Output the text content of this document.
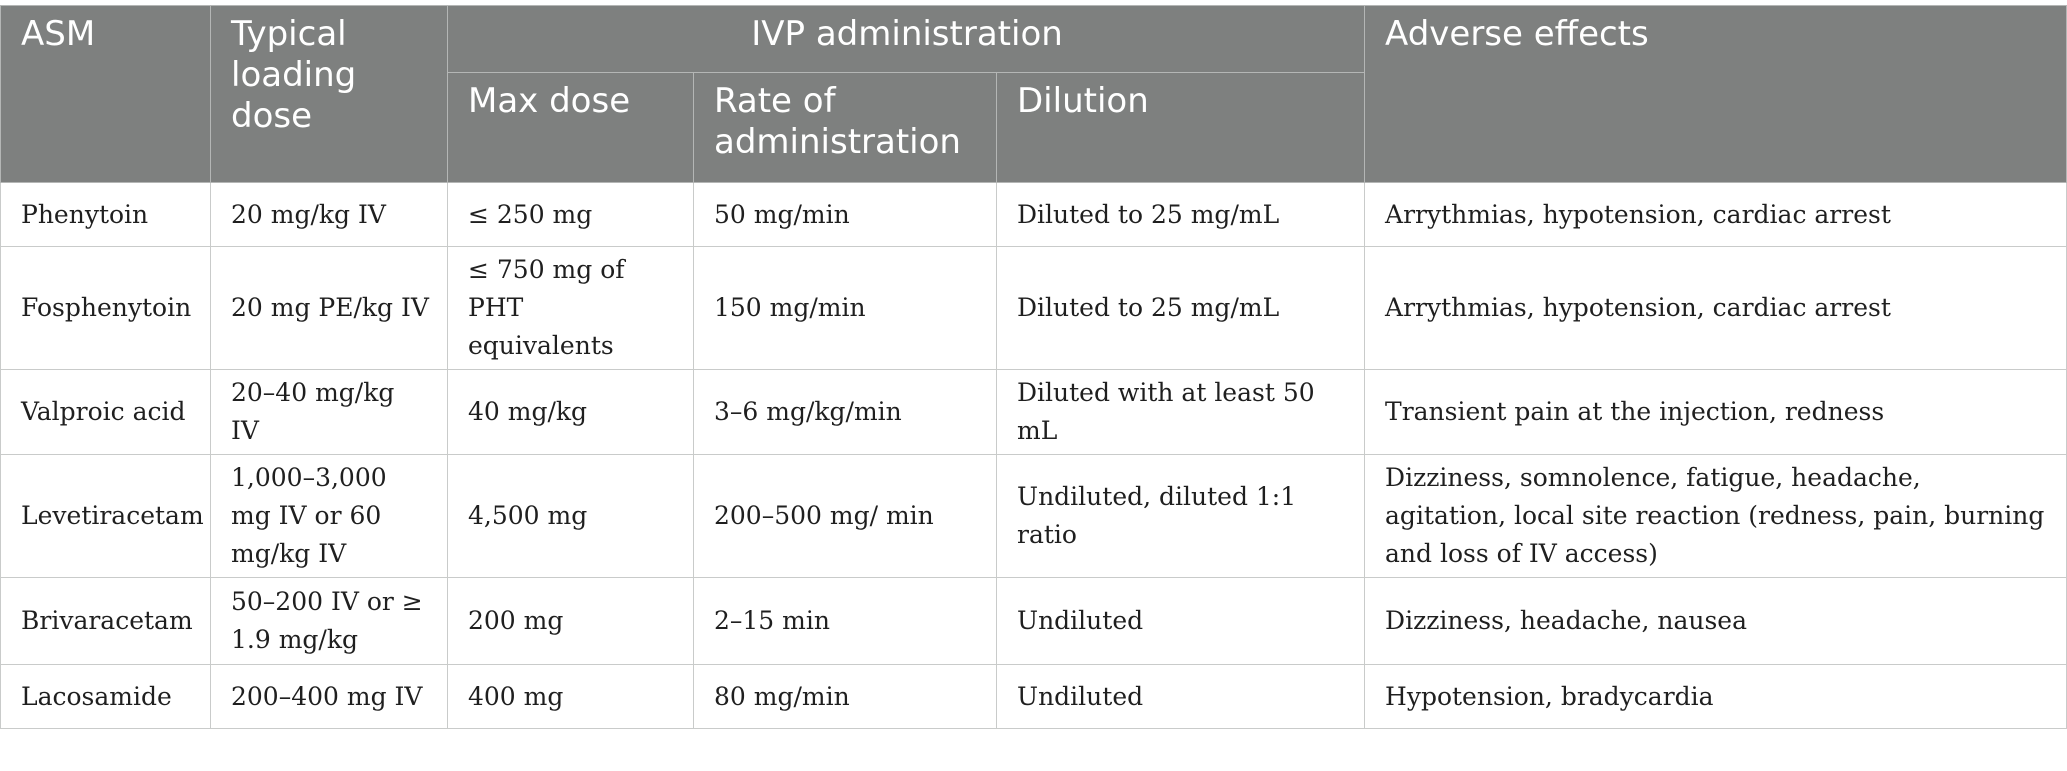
ASM	Typical loading dose	IVP administration			Adverse effects
		Max dose	Rate of administration	Dilution	
Phenytoin	20 mg/kg IV	≤ 250 mg	50 mg/min	Diluted to 25 mg/mL	Arrythmias, hypotension, cardiac arrest
Fosphenytoin	20 mg PE/kg IV	≤ 750 mg of PHT equivalents	150 mg/min	Diluted to 25 mg/mL	Arrythmias, hypotension, cardiac arrest
Valproic acid	20–40 mg/kg IV	40 mg/kg	3–6 mg/kg/min	Diluted with at least 50 mL	Transient pain at the injection, redness
Levetiracetam	1,000–3,000 mg IV or 60 mg/kg IV	4,500 mg	200–500 mg/ min	Undiluted, diluted 1:1 ratio	Dizziness, somnolence, fatigue, headache, agitation, local site reaction (redness, pain, burning and loss of IV access)
Brivaracetam	50–200 IV or ≥ 1.9 mg/kg	200 mg	2–15 min	Undiluted	Dizziness, headache, nausea
Lacosamide	200–400 mg IV	400 mg	80 mg/min	Undiluted	Hypotension, bradycardia
